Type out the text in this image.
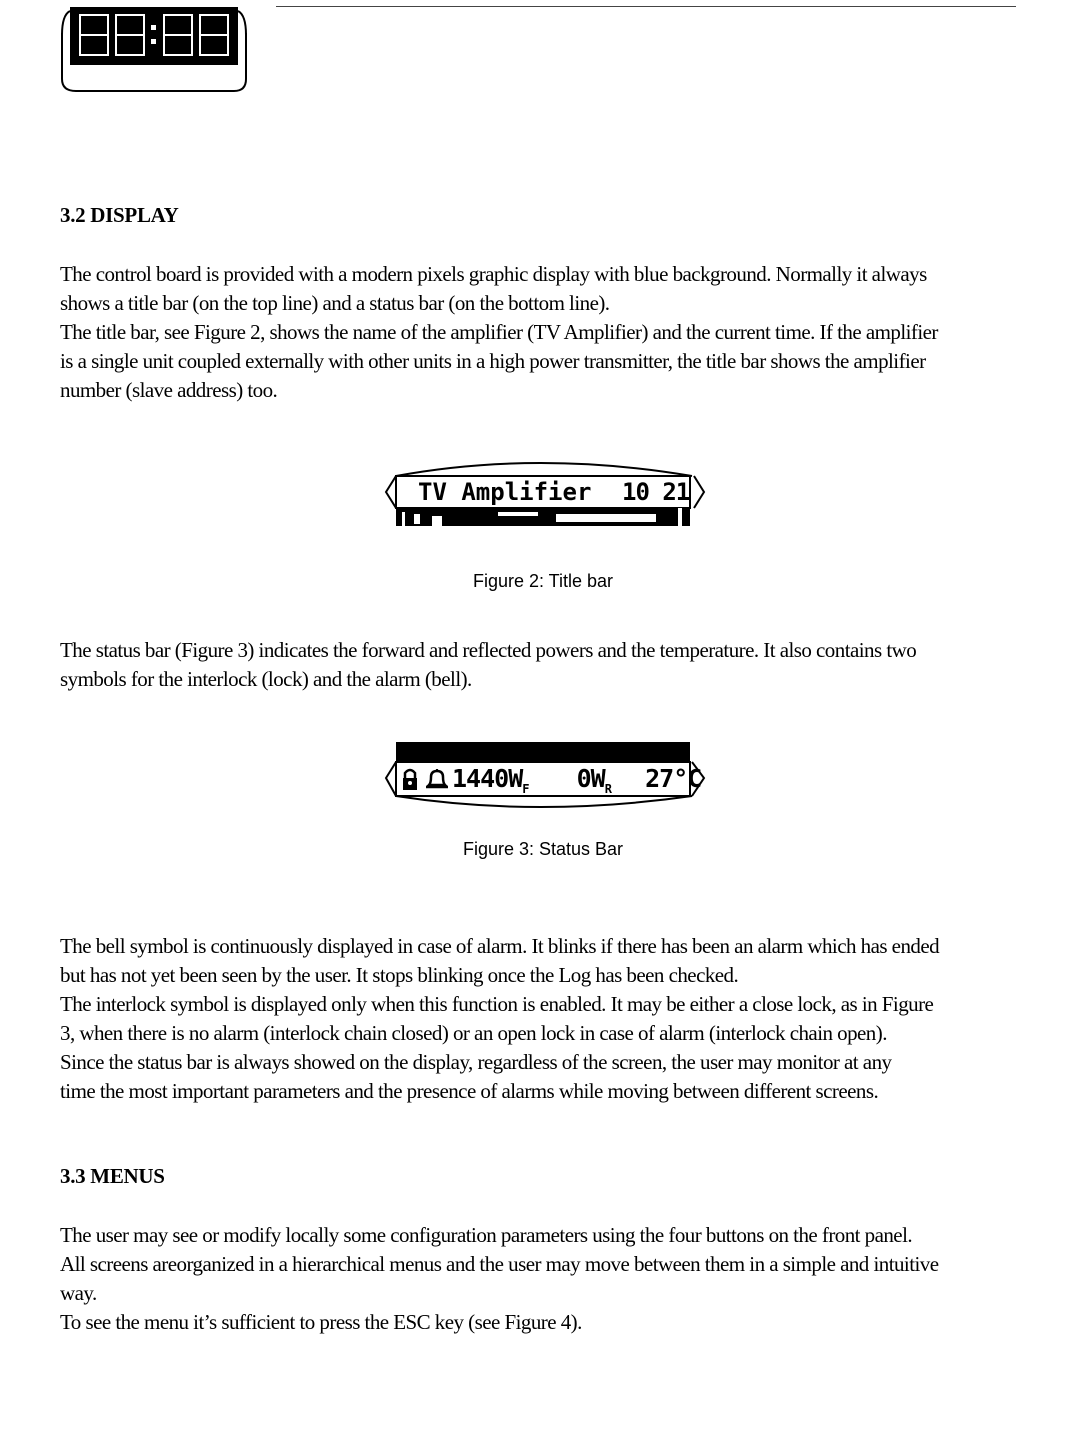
3.2 DISPLAY
The control board is provided with a modern pixels graphic display with blue background. Normally it always
shows a title bar (on the top line) and a status bar (on the bottom line).
The title bar, see Figure 2, shows the name of the amplifier (TV Amplifier) and the current time. If the amplifier
is a single unit coupled externally with other units in a high power transmitter, the title bar shows the amplifier
number (slave address) too.
TV Amplifier 10 21

Figure 2: Title bar

The status bar (Figure 3) indicates the forward and reflected powers and the temperature. It also contains two
symbols for the interlock (lock) and the alarm (bell).
$1440W_F$ $0W_R$ 27°C

Figure 3: Status Bar

The bell symbol is continuously displayed in case of alarm. It blinks if there has been an alarm which has ended
but has not yet been seen by the user. It stops blinking once the Log has been checked.
The interlock symbol is displayed only when this function is enabled. It may be either a close lock, as in Figure
3, when there is no alarm (interlock chain closed) or an open lock in case of alarm (interlock chain open).
Since the status bar is always showed on the display, regardless of the screen, the user may monitor at any
time the most important parameters and the presence of alarms while moving between different screens.
3.3 MENUS
The user may see or modify locally some configuration parameters using the four buttons on the front panel.
All screens areorganized in a hierarchical menus and the user may move between them in a simple and intuitive
way.
To see the menu it’s sufficient to press the ESC key (see Figure 4).
